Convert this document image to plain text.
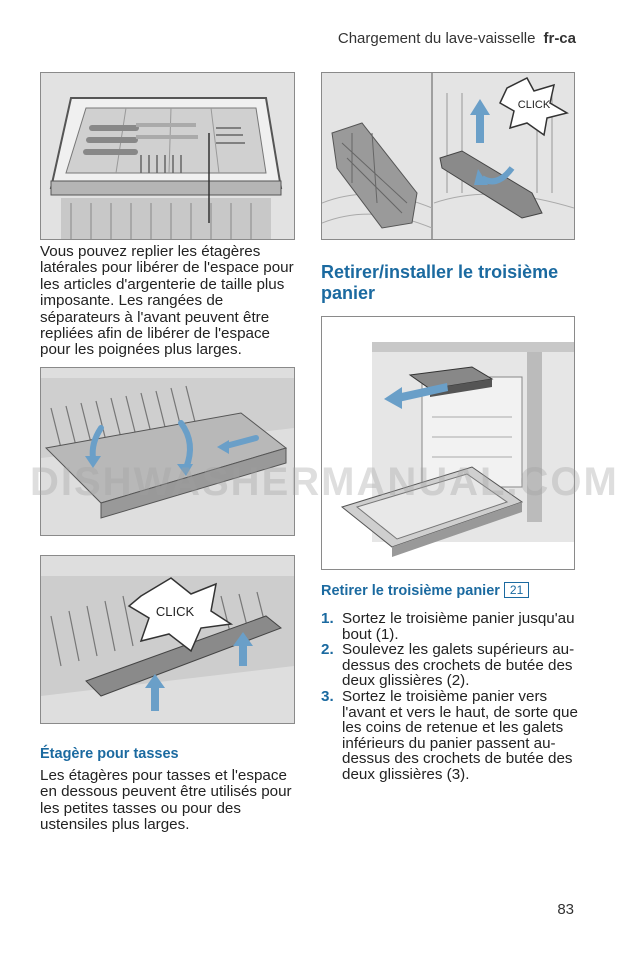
Chargement du lave-vaisselle fr-ca
Vous pouvez replier les étagères latérales pour libérer de l'espace pour les articles d'argenterie de taille plus imposante. Les rangées de séparateurs à l'avant peuvent être repliées afin de libérer de l'espace pour les poignées plus larges.
CLICK
Étagère pour tasses
Les étagères pour tasses et l'espace en dessous peuvent être utilisés pour les petites tasses ou pour des ustensiles plus larges.
CLICK
Retirer/installer le troisième panier
Retirer le troisième panier 21
1. Sortez le troisième panier jusqu'au bout (1).
2. Soulevez les galets supérieurs au-dessus des crochets de butée des deux glissières (2).
3. Sortez le troisième panier vers l'avant et vers le haut, de sorte que les coins de retenue et les galets inférieurs du panier passent au-dessus des crochets de butée des deux glissières (3).
DISHWASHERMANUAL.COM
83
